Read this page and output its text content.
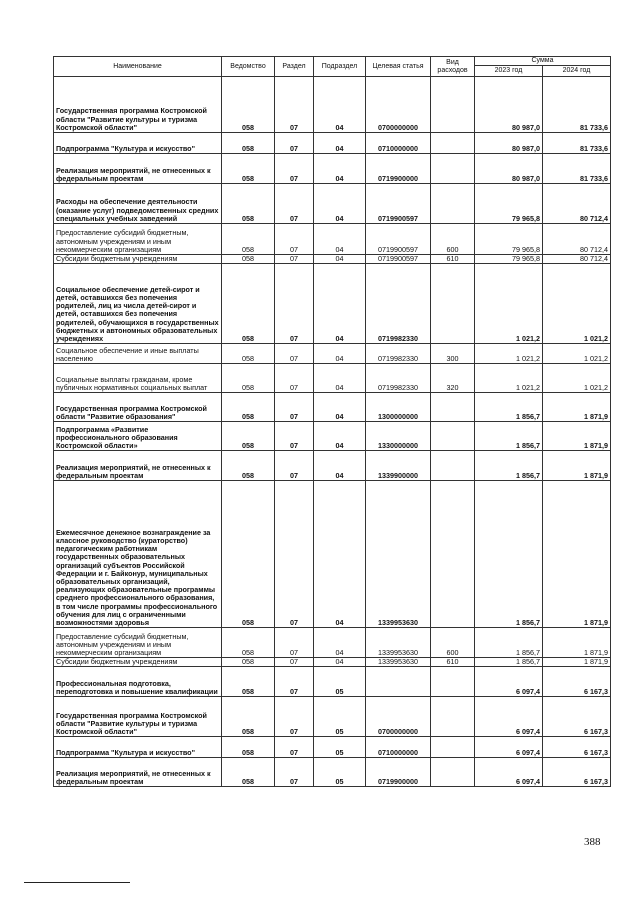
Наименование	Ведомство	Раздел	Подраздел	Целевая статья	Вид расходов	Сумма	
						2023 год	2024 год
Государственная программа Костромской области "Развитие культуры и туризма Костромской области"	058	07	04	0700000000		80 987,0	81 733,6
Подпрограмма "Культура и искусство"	058	07	04	0710000000		80 987,0	81 733,6
Реализация мероприятий, не отнесенных к федеральным проектам	058	07	04	0719900000		80 987,0	81 733,6
Расходы на обеспечение деятельности (оказание услуг) подведомственных средних специальных учебных заведений	058	07	04	0719900597		79 965,8	80 712,4
Предоставление субсидий бюджетным, автономным учреждениям и иным некоммерческим организациям	058	07	04	0719900597	600	79 965,8	80 712,4
Субсидии бюджетным учреждениям	058	07	04	0719900597	610	79 965,8	80 712,4
Социальное обеспечение детей-сирот и детей, оставшихся без попечения родителей, лиц из числа детей-сирот и детей, оставшихся без попечения родителей, обучающихся в государственных бюджетных и автономных образовательных учреждениях	058	07	04	0719982330		1 021,2	1 021,2
Социальное обеспечение и иные выплаты населению	058	07	04	0719982330	300	1 021,2	1 021,2
Социальные выплаты гражданам, кроме публичных нормативных социальных выплат	058	07	04	0719982330	320	1 021,2	1 021,2
Государственная программа Костромской области "Развитие образования"	058	07	04	1300000000		1 856,7	1 871,9
Подпрограмма «Развитие профессионального образования Костромской области»	058	07	04	1330000000		1 856,7	1 871,9
Реализация мероприятий, не отнесенных к федеральным проектам	058	07	04	1339900000		1 856,7	1 871,9
Ежемесячное денежное вознаграждение за классное руководство (кураторство) педагогическим работникам государственных образовательных организаций субъектов Российской Федерации и г. Байконур, муниципальных образовательных организаций, реализующих образовательные программы среднего профессионального образования, в том числе программы профессионального обучения для лиц с ограниченными возможностями здоровья	058	07	04	1339953630		1 856,7	1 871,9
Предоставление субсидий бюджетным, автономным учреждениям и иным некоммерческим организациям	058	07	04	1339953630	600	1 856,7	1 871,9
Субсидии бюджетным учреждениям	058	07	04	1339953630	610	1 856,7	1 871,9
Профессиональная подготовка, переподготовка и повышение квалификации	058	07	05			6 097,4	6 167,3
Государственная программа Костромской области "Развитие культуры и туризма Костромской области"	058	07	05	0700000000		6 097,4	6 167,3
Подпрограмма "Культура и искусство"	058	07	05	0710000000		6 097,4	6 167,3
Реализация мероприятий, не отнесенных к федеральным проектам	058	07	05	0719900000		6 097,4	6 167,3
388
